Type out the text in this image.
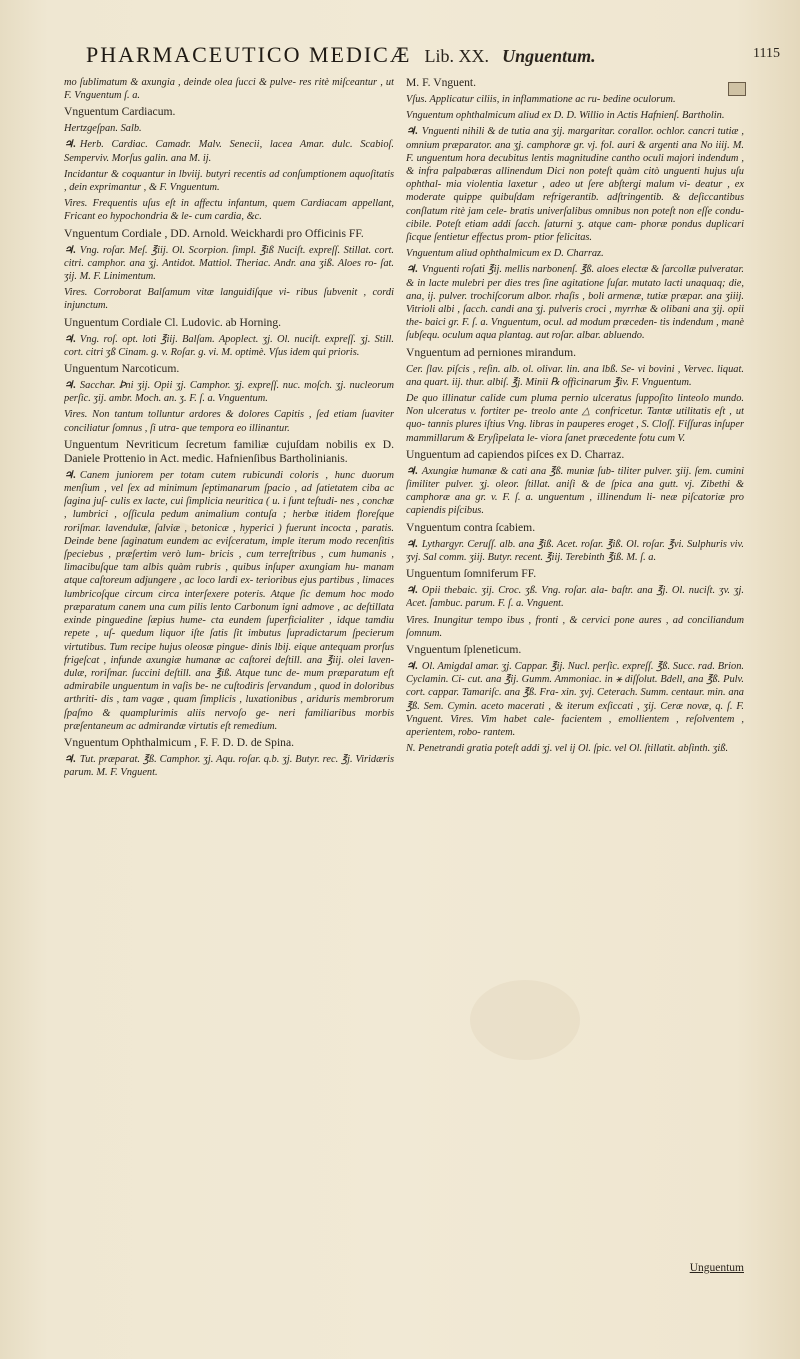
PHARMACEUTICO MEDICÆ Lib. XX. Unguentum.	1115

mo ſublimatum & axungia , deinde olea ſucci & pulve- res ritè miſceantur , ut F. Vnguentum ſ. a.

Vnguentum Cardiacum.

Hertzgeſpan. Salb.

♃. Herb. Cardiac. Camadr. Malv. Senecii, lacea Amar. dulc. Scabioſ. Semperviv. Morſus galin. ana M. ij.

Incidantur & coquantur in lbviij. butyri recentis ad conſumptionem aquoſitatis , dein exprimantur , & F. Vnguentum.

Vires. Frequentis uſus eſt in affectu infantum, quem Cardiacam appellant, Fricant eo hypochondria & le- cum cardia, &c.

Vnguentum Cordiale , DD. Arnold. Weickhardi pro Officinis FF.

♃. Vng. roſar. Meſ. ℥iij. Ol. Scorpion. ſimpl. ℥iß Nuciſt. expreſſ. Stillat. cort. citri. camphor. ana ʒj. Antidot. Mattiol. Theriac. Andr. ana ʒiß. Aloes ro- ſat. ʒij. M. F. Linimentum.

Vires. Corroborat Balſamum vitæ languidiſque vi- ribus ſubvenit , cordi injunctum.

Unguentum Cordiale Cl. Ludovic. ab Horning.

♃. Vng. roſ. opt. loti ℥iij. Balſam. Apoplect. ʒj. Ol. nuciſt. expreſſ. ʒj. Still. cort. citri ʒß Cinam. g. v. Roſar. g. vi. M. optimè. Vſus idem qui prioris.

Unguentum Narcoticum.

♃. Sacchar. Ꝧni ʒij. Opii ʒj. Camphor. ʒj. expreſſ. nuc. moſch. ʒj. nucleorum perſic. ʒij. ambr. Moch. an. ʒ. F. ſ. a. Vnguentum.

Vires. Non tantum tolluntur ardores & dolores Capitis , ſed etiam ſuaviter conciliatur ſomnus , ſi utra- que tempora eo illinantur.

Unguentum Nevriticum ſecretum familiæ cujuſdam nobilis ex D. Daniele Prottenio in Act. medic. Hafnienſibus Bartholinianis.

♃. Canem juniorem per totam cutem rubicundi coloris , hunc duorum menſium , vel ſex ad minimum ſeptimanarum ſpacio , ad ſatietatem ciba ac ſagina juſ- culis ex lacte, cui ſimplicia neuritica ( u. i ſunt teſtudi- nes , conchæ , lumbrici , oſſicula pedum animalium contuſa ; herbæ itidem floreſque roriſmar. lavendulæ, ſalviæ , betonicæ , hyperici ) fuerunt incocta , paratis. Deinde bene ſaginatum eundem ac eviſceratum, imple iterum modo recenſitis ſpeciebus , præſertim verò lum- bricis , cum terreſtribus , cum humanis , limacibuſque tam albis quàm rubris , quibus inſuper axungiam hu- manam atque caſtoreum adjungere , ac loco lardi ex- terioribus ejus partibus , limaces lumbricoſque circum circa interſexere poteris. Atque ſic demum hoc modo præparatum canem una cum pilis lento Carbonum igni admove , ac deſtillata exinde pinguedine ſæpius hume- cta eundem ſuperficialiter , idque tamdiu repete , uſ- quedum liquor iſte ſatis ſit imbutus ſupradictarum ſpecierum virtutibus. Tum recipe hujus oleosæ pingue- dinis lbij. eique antequam prorſus frigeſcat , infunde axungiæ humanæ ac caſtorei deſtill. ana ℥iij. olei laven- dulæ, roriſmar. ſuccini deſtill. ana ℥iß. Atque tunc de- mum præparatum eſt admirabile unguentum in vaſis be- ne cuſtodiris ſervandum , quod in doloribus arthriti- dis , tam vagæ , quam ſimplicis , luxationibus , ariduris membrorum ſpaſmo & quamplurimis aliis nervoſo ge- neri familiaribus morbis præſentaneum ac admirandæ virtutis eſt remedium.

Vnguentum Ophthalmicum , F. F. D. D. de Spina.

♃. Tut. præparat. ℥ß. Camphor. ʒj. Aqu. roſar. q.b. ʒj. Butyr. rec. ℥j. Viridæris parum. M. F. Vnguent.

M. F. Vnguent.

Vſus. Applicatur ciliis, in inflammatione ac ru- bedine oculorum.

Vnguentum ophthalmicum aliud ex D. D. Willio in Actis Hafnienſ. Bartholin.

♃. Vnguenti nihili & de tutia ana ʒij. margaritar. corallor. ochlor. cancri tutiæ , omnium præparator. ana ʒj. camphoræ gr. vj. fol. auri & argenti ana No iiij. M. F. unguentum hora decubitus lentis magnitudine cantho oculi majori indendum , & infra palpabæras allinendum Dici non poteſt quàm citò unguenti hujus uſu ophthal- mia violentia laxetur , adeo ut ſere abſtergi malum vi- deatur , ex moderate quippe quibuſdam refrigerantib. adſtringentib. & deſiccantibus conſlatum ritè jam cele- bratis univerſalibus omnibus non poteſt non eſſe condu- cibile. Poteſt etiam addi ſacch. ſaturni ʒ. atque cam- phoræ pondus duplicari ſicque ſentietur effectus prom- ptior felicitas.

Vnguentum aliud ophthalmicum ex D. Charraz.

♃. Vnguenti roſati ℥ij. mellis narbonenſ. ℥ß. aloes electæ & ſarcollæ pulveratar. & in lacte mulebri per dies tres ſine agitatione ſuſar. mutato lacti unaquaq; die, ana, ij. pulver. trochiſcorum albor. rhaſis , boli armenæ, tutiæ præpar. ana ʒiiij. Vitrioli albi , ſacch. candi ana ʒj. pulveris croci , myrrhæ & olibani ana ʒij. opii the- baici gr. F. ſ. a. Vnguentum, ocul. ad modum præceden- tis indendum , manè ſubſequ. oculum aqua plantag. aut roſar. albar. abluendo.

Vnguentum ad perniones mirandum.

Cer. ſlav. piſcis , reſin. alb. ol. olivar. lin. ana lbß. Se- vi bovini , Vervec. liquat. ana quart. iij. thur. albiſ. ℥j. Minii ℞ officinarum ℥iv. F. Vnguentum.

De quo illinatur calide cum pluma pernio ulceratus ſuppoſito linteolo mundo. Non ulceratus v. fortiter pe- treolo ante △ confricetur. Tantæ utilitatis eſt , ut quo- tannis plures iſtius Vng. libras in pauperes eroget , S. Cloſſ. Fiſſuras inſuper mammillarum & Eryſipelata le- viora ſanet præcedente fotu cum V.

Unguentum ad capiendos piſces ex D. Charraz.

♃. Axungiæ humanæ & cati ana ℥ß. muniæ ſub- tiliter pulver. ʒiij. ſem. cumini ſimiliter pulver. ʒj. oleor. ſtillat. aniſi & de ſpica ana gutt. vj. Zibethi & camphoræ ana gr. v. F. ſ. a. unguentum , illinendum li- neæ piſcatoriæ pro capiendis piſcibus.

Vnguentum contra ſcabiem.

♃. Lythargyr. Ceruſſ. alb. ana ℥iß. Acet. roſar. ℥iß. Ol. roſar. ℥vi. Sulphuris viv. ʒvj. Sal comm. ʒiij. Butyr. recent. ℥iij. Terebinth ℥iß. M. ſ. a.

Unguentum ſomniferum FF.

♃. Opii thebaic. ʒij. Croc. ʒß. Vng. roſar. ala- baſtr. ana ℥j. Ol. nuciſt. ʒv. ʒj. Acet. ſambuc. parum. F. ſ. a. Vnguent.

Vires. Inungitur tempo ibus , fronti , & cervici pone aures , ad conciliandum ſomnum.

Vnguentum ſpleneticum.

♃. Ol. Amigdal amar. ʒj. Cappar. ℥ij. Nucl. perſic. expreſſ. ℥ß. Succ. rad. Brion. Cyclamin. Ci- cut. ana ℥ij. Gumm. Ammoniac. in ⚹ diſſolut. Bdell, ana ℥ß. Pulv. cort. cappar. Tamariſc. ana ℥ß. Fra- xin. ʒvj. Ceterach. Summ. centaur. min. ana ℥ß. Sem. Cymin. aceto macerati , & iterum exſiccati , ʒij. Ceræ novæ, q. ſ. F. Vnguent. Vires. Vim habet cale- facientem , emollientem , reſolventem , aperientem, robo- rantem.

N. Penetrandi gratia poteſt addi ʒj. vel ij Ol. ſpic. vel Ol. ſtillatit. abſinth. ʒiß.

Unguentum
